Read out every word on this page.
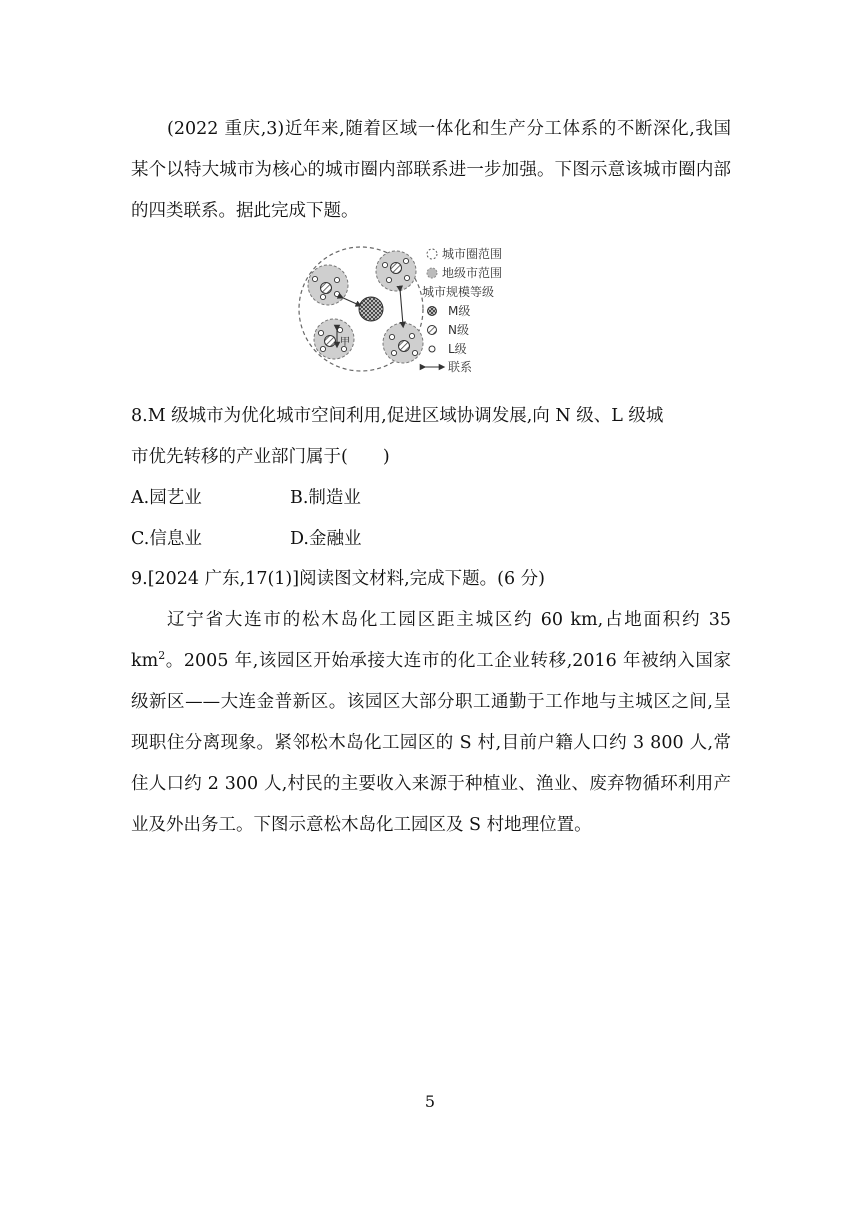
(2022 重庆,3)近年来,随着区域一体化和生产分工体系的不断深化,我国某个以特大城市为核心的城市圈内部联系进一步加强。下图示意该城市圈内部的四类联系。据此完成下题。
甲
城市圈范围
地级市范围
城市规模等级
M级
N级
L级
联系
8.M 级城市为优化城市空间利用,促进区域协调发展,向 N 级、L 级城
市优先转移的产业部门属于(　　)
A.园艺业	B.制造业
C.信息业	D.金融业
9.[2024 广东,17(1)]阅读图文材料,完成下题。(6 分)
辽宁省大连市的松木岛化工园区距主城区约 60 km,占地面积约 35 $km^2$。2005 年,该园区开始承接大连市的化工企业转移,2016 年被纳入国家级新区——大连金普新区。该园区大部分职工通勤于工作地与主城区之间,呈现职住分离现象。紧邻松木岛化工园区的 S 村,目前户籍人口约 3 800 人,常住人口约 2 300 人,村民的主要收入来源于种植业、渔业、废弃物循环利用产业及外出务工。下图示意松木岛化工园区及 S 村地理位置。
5
